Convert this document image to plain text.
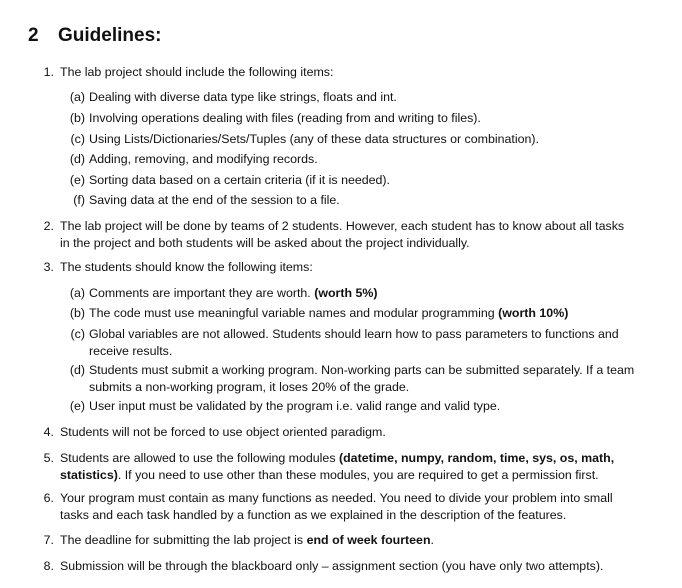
2 Guidelines:
1. The lab project should include the following items:
(a) Dealing with diverse data type like strings, floats and int.
(b) Involving operations dealing with files (reading from and writing to files).
(c) Using Lists/Dictionaries/Sets/Tuples (any of these data structures or combination).
(d) Adding, removing, and modifying records.
(e) Sorting data based on a certain criteria (if it is needed).
(f) Saving data at the end of the session to a file.
2. The lab project will be done by teams of 2 students. However, each student has to know about all tasks
in the project and both students will be asked about the project individually.
3. The students should know the following items:
(a) Comments are important they are worth. (worth 5%)
(b) The code must use meaningful variable names and modular programming (worth 10%)
(c) Global variables are not allowed. Students should learn how to pass parameters to functions and
receive results.
(d) Students must submit a working program. Non-working parts can be submitted separately. If a team
submits a non-working program, it loses 20% of the grade.
(e) User input must be validated by the program i.e. valid range and valid type.
4. Students will not be forced to use object oriented paradigm.
5. Students are allowed to use the following modules (datetime, numpy, random, time, sys, os, math,
statistics). If you need to use other than these modules, you are required to get a permission first.
6. Your program must contain as many functions as needed. You need to divide your problem into small
tasks and each task handled by a function as we explained in the description of the features.
7. The deadline for submitting the lab project is end of week fourteen.
8. Submission will be through the blackboard only – assignment section (you have only two attempts).
